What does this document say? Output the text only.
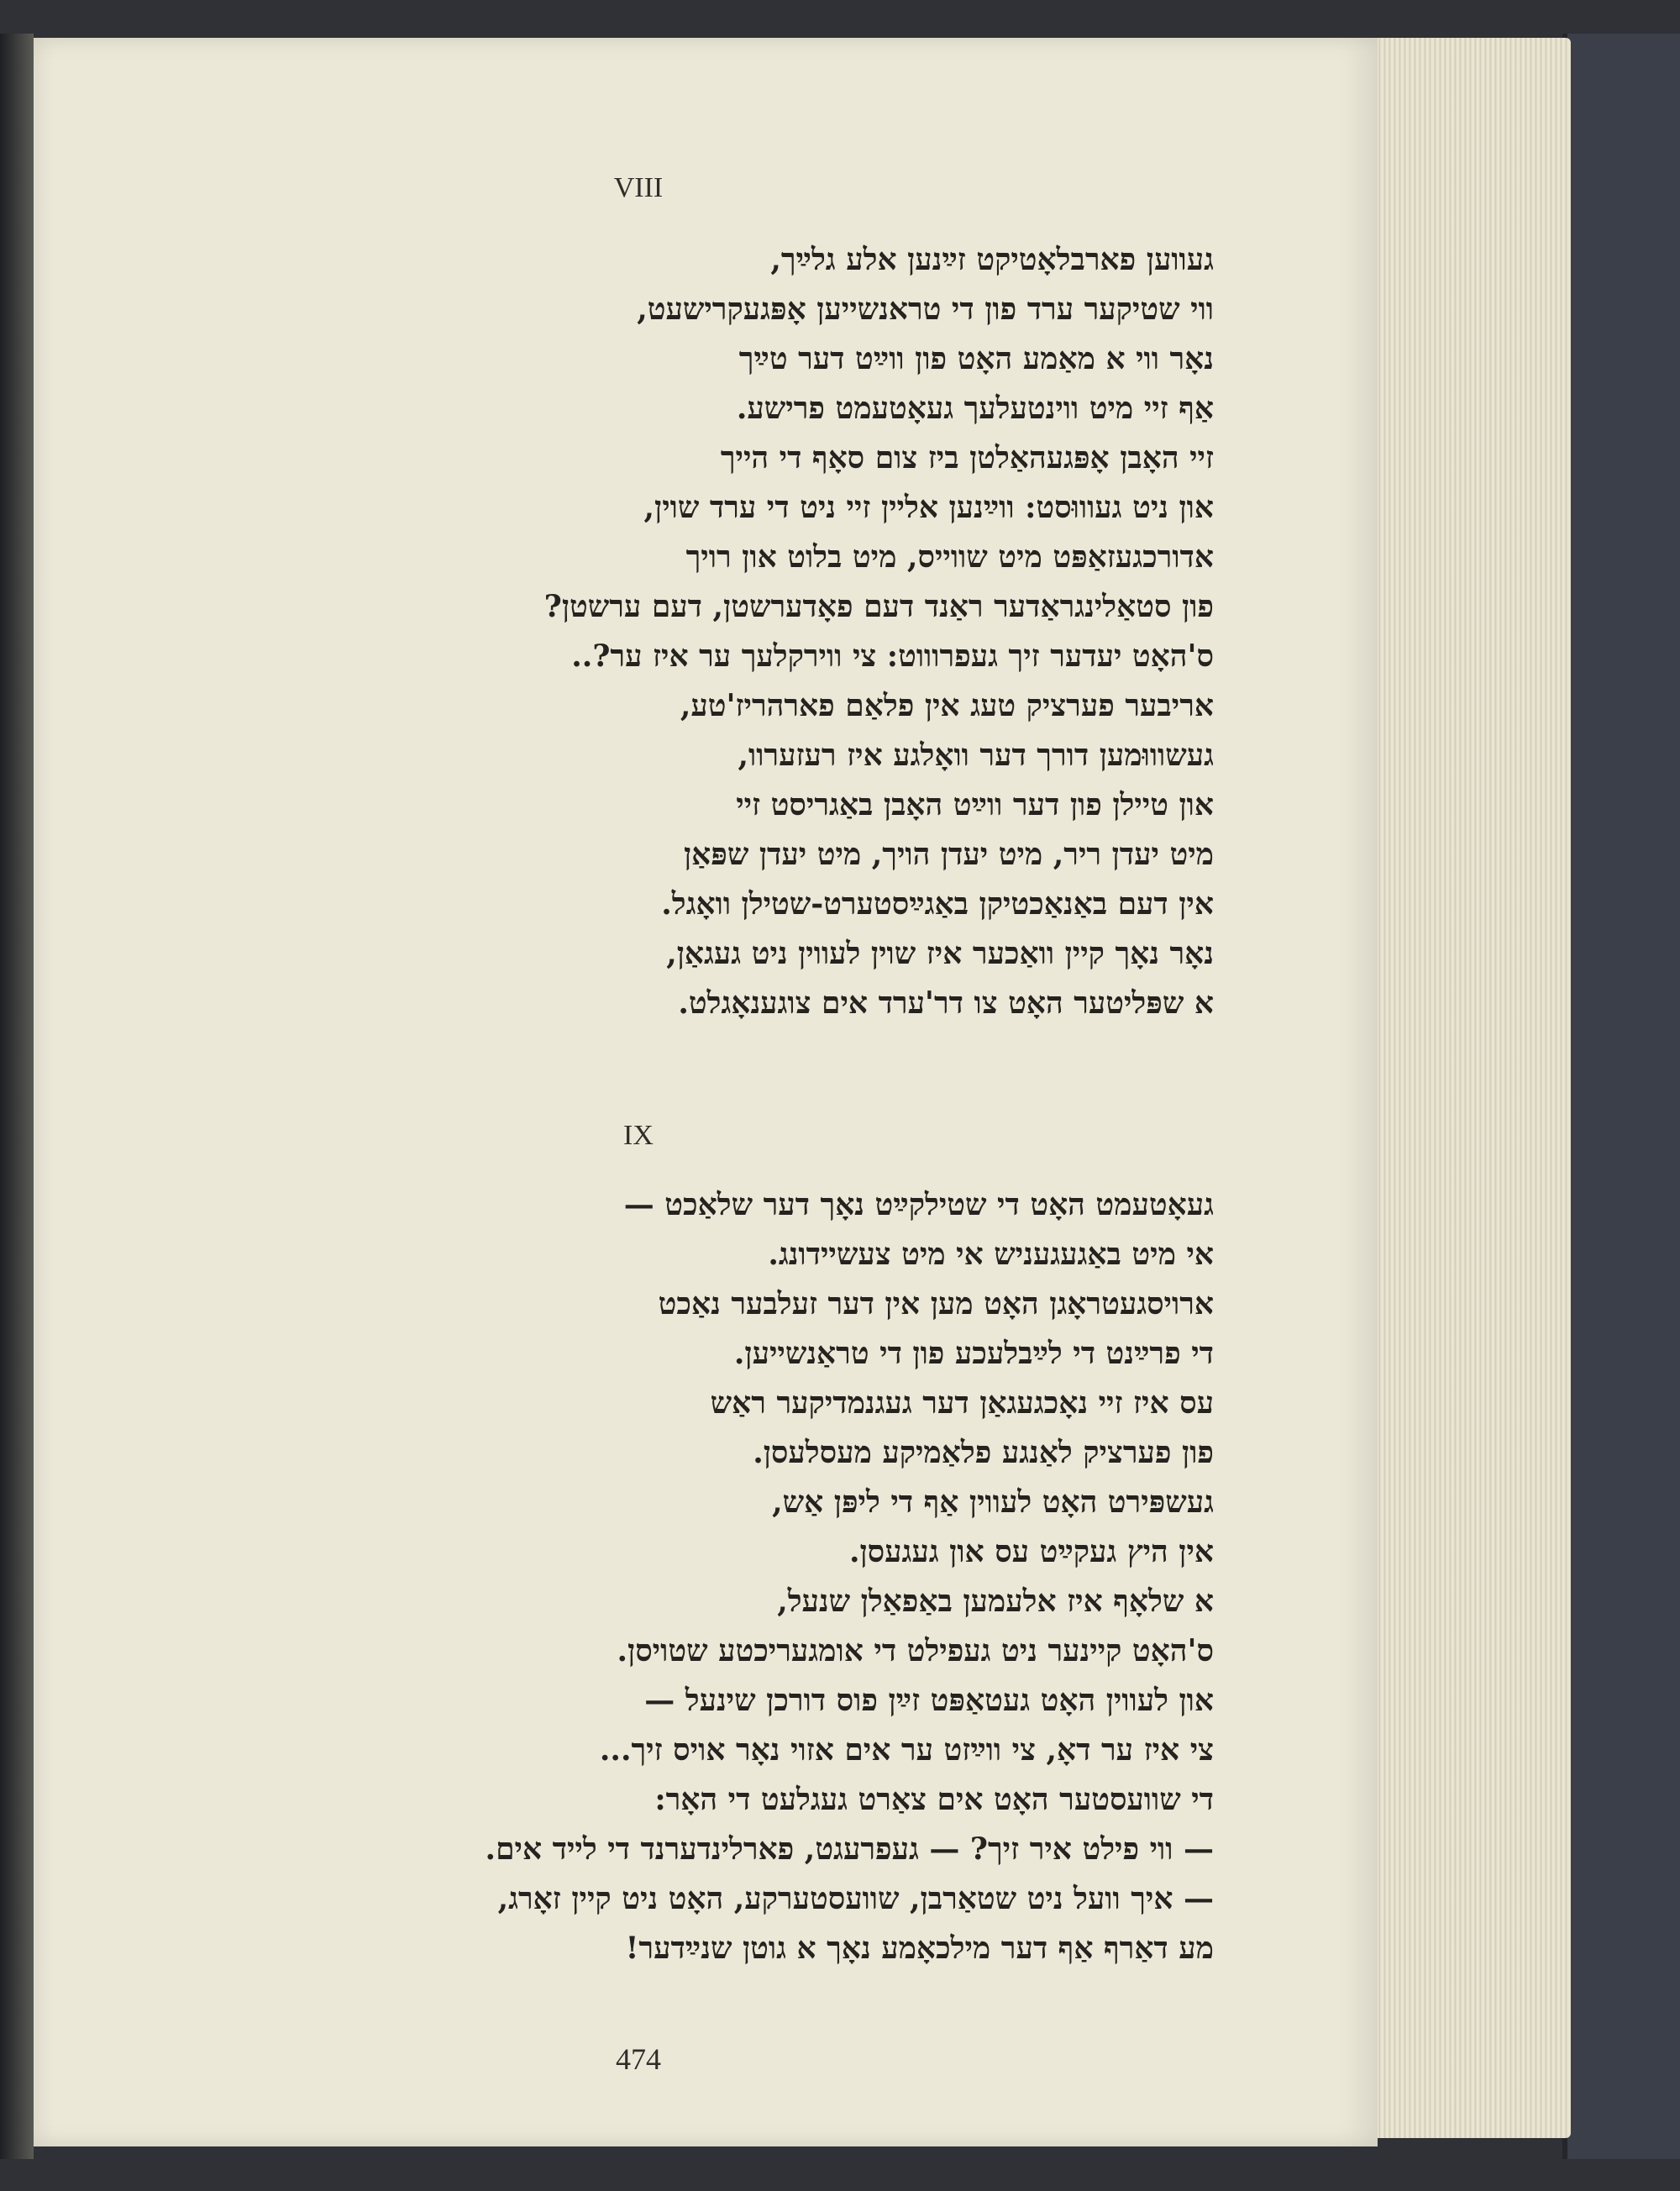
VIII
געווען פארבלאָטיקט זײַנען אלע גלײַך,
ווי שטיקער ערד פון די טראנשייען אָפּגעקרישעט,
נאָר ווי א מאַמע האָט פון ווײַט דער טײַך
אַף זיי מיט ווינטעלעך געאָטעמט פרישע.
זיי האָבן אָפּגעהאַלטן ביז צום סאָף די הייך
און ניט געוווּסט: ווײַנען אליין זיי ניט די ערד שוין,
אדורכגעזאַפּט מיט שווייס, מיט בלוט און רויך
פון סטאַלינגראַדער ראַנד דעם פאָדערשטן, דעם ערשטן?
ס'האָט יעדער זיך געפרוווט: צי ווירקלעך ער איז ער?..
אריבער פערציק טעג אין פלאַם פארהריז'טע,
געשוווּמען דורך דער וואָלגע איז רעזערוו,
און טיילן פון דער ווײַט האָבן באַגריסט זיי
מיט יעדן ריר, מיט יעדן הויך, מיט יעדן שפּאַן
אין דעם באַנאַכטיקן באַגײַסטערט-שטילן וואָגל.
נאָר נאָך קיין וואַכער איז שוין לעווין ניט געגאַן,
א שפּליטער האָט צו דר'ערד אים צוגענאָגלט.
IX
געאָטעמט האָט די שטילקײַט נאָך דער שלאַכט —
אי מיט באַגעגעניש אי מיט צעשיידונג.
ארויסגעטראָגן האָט מען אין דער זעלבער נאַכט
די פרײַנט די לײַבלעכע פון די טראַנשייען.
עס איז זיי נאָכגעגאַן דער געגנמדיקער ראַש
פון פערציק לאַנגע פלאַמיקע מעסלעסן.
געשפּירט האָט לעווין אַף די ליפּן אַש,
אין היץ געקײַט עס און געגעסן.
א שלאָף איז אלעמען באַפאַלן שנעל,
ס'האָט קיינער ניט געפילט די אומגעריכטע שטויסן.
און לעווין האָט געטאַפּט זײַן פוס דורכן שינעל —
צי איז ער דאָ, צי ווײַזט ער אים אזוי נאָר אויס זיך...
די שוועסטער האָט אים צאַרט געגלעט די האָר:
— ווי פילט איר זיך? — געפרעגט, פארלינדערנד די לייד אים.
— איך וועל ניט שטאַרבן, שוועסטערקע, האָט ניט קיין זאָרג,
מע דאַרף אַף דער מילכאָמע נאָך א גוטן שנײַדער!
474
